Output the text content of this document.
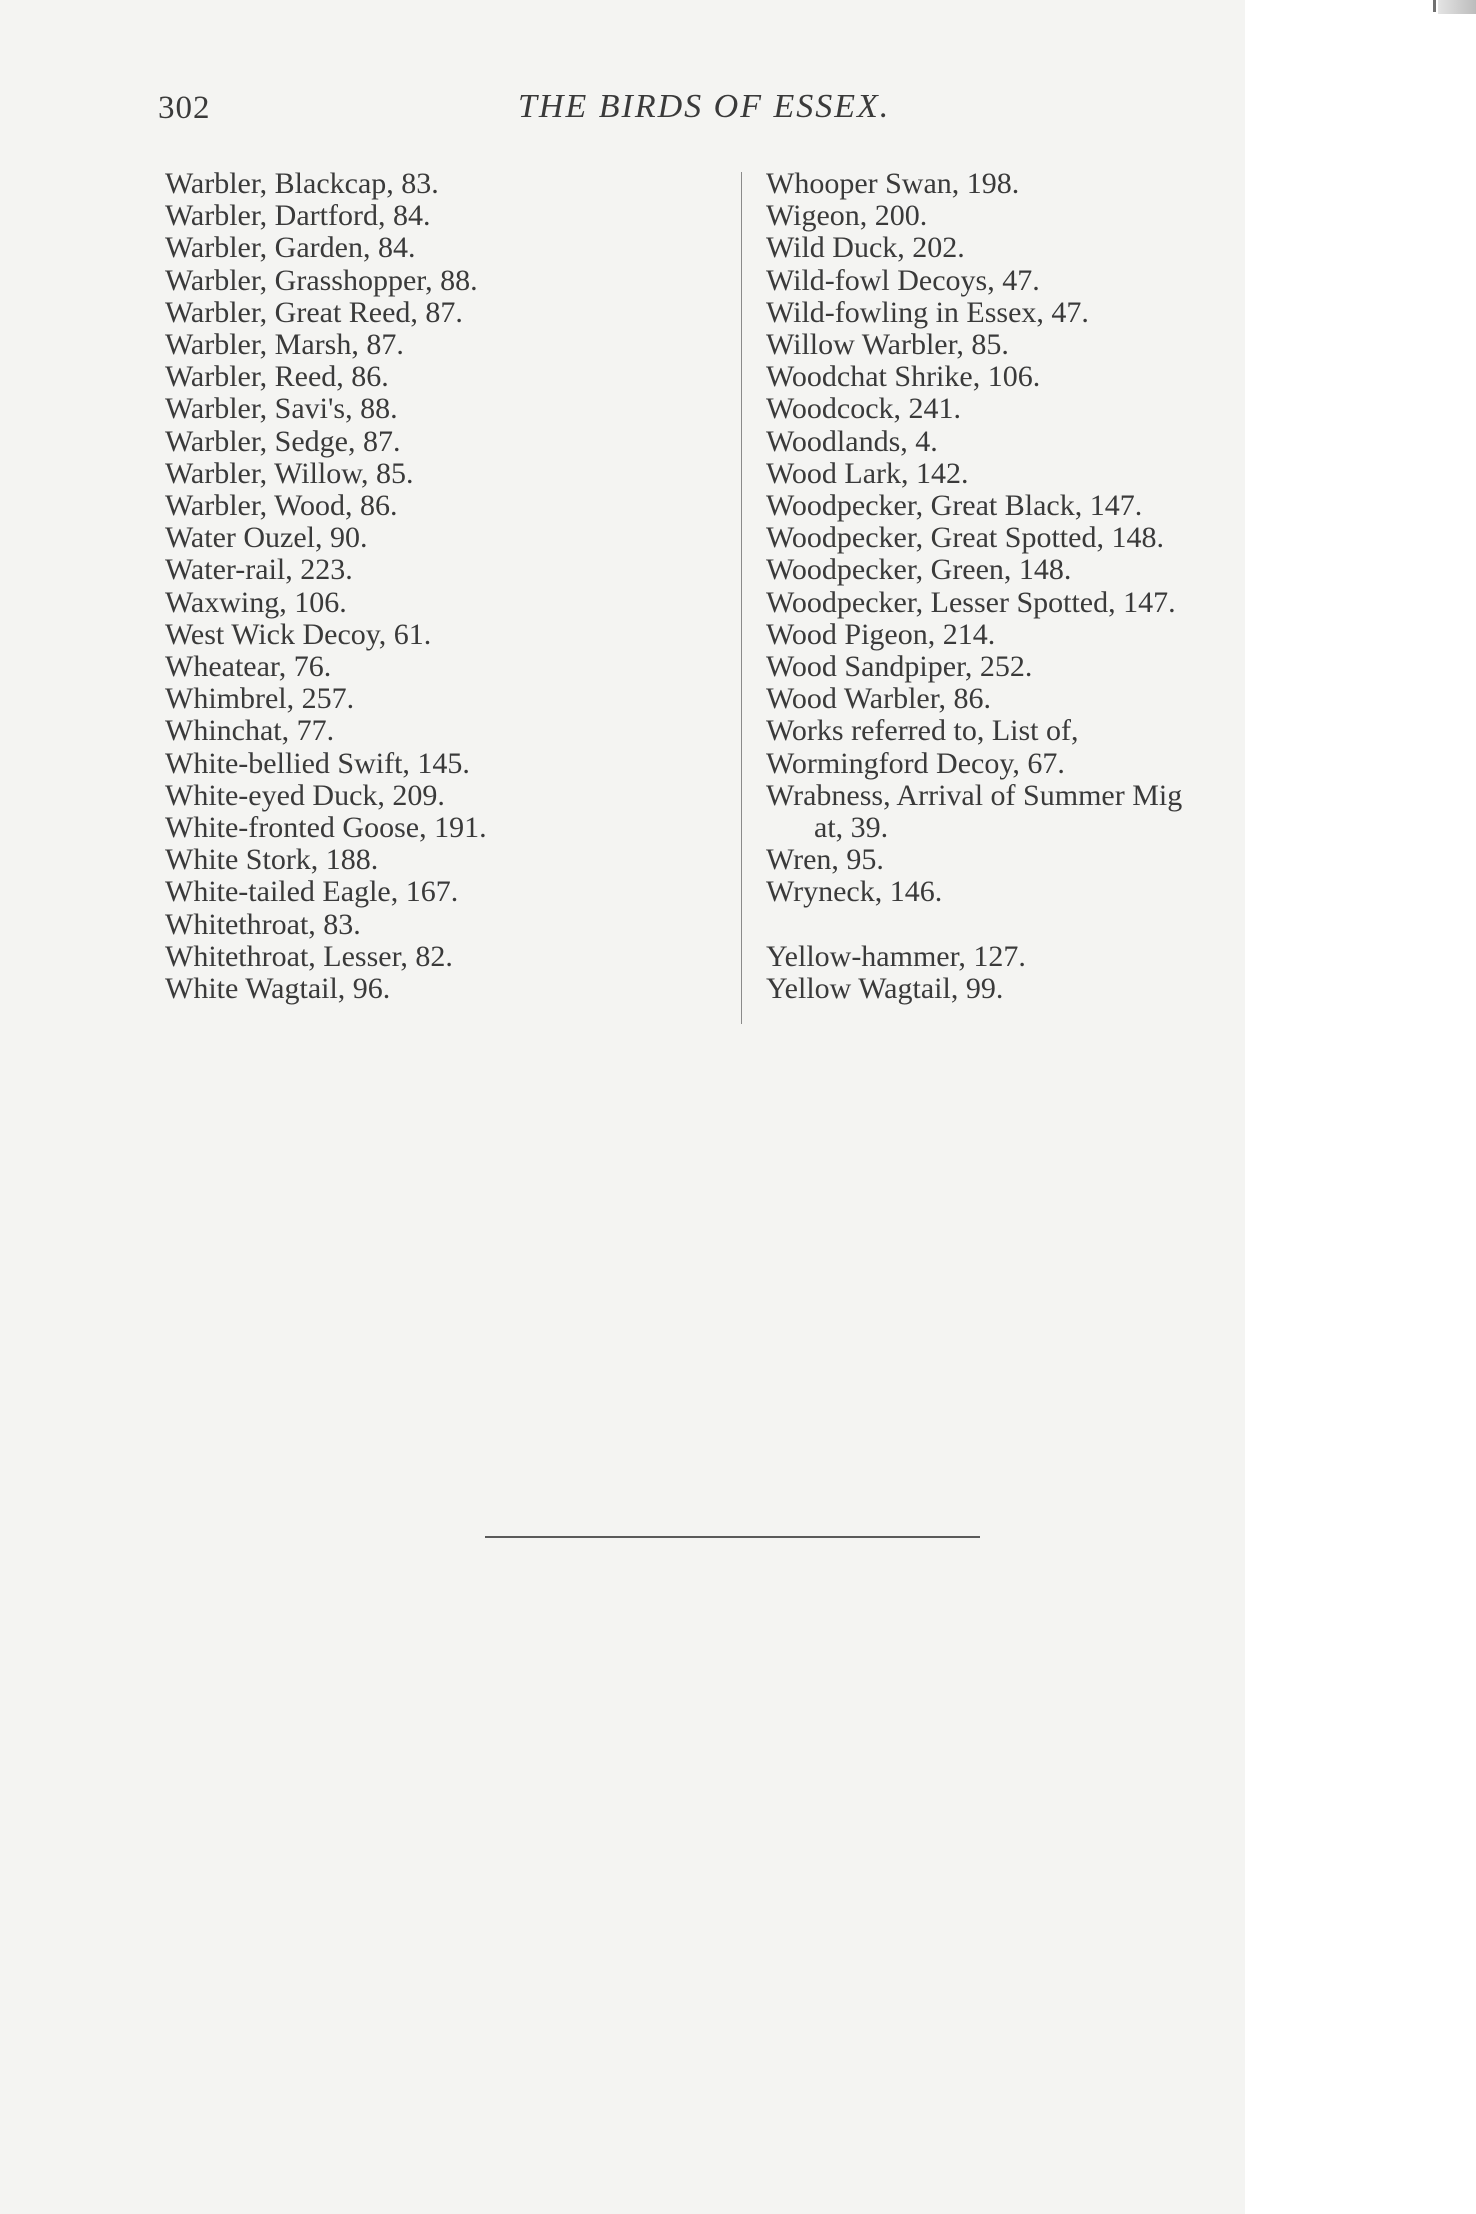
302	THE BIRDS OF ESSEX.
Warbler, Blackcap, 83.
Warbler, Dartford, 84.
Warbler, Garden, 84.
Warbler, Grasshopper, 88.
Warbler, Great Reed, 87.
Warbler, Marsh, 87.
Warbler, Reed, 86.
Warbler, Savi's, 88.
Warbler, Sedge, 87.
Warbler, Willow, 85.
Warbler, Wood, 86.
Water Ouzel, 90.
Water-rail, 223.
Waxwing, 106.
West Wick Decoy, 61.
Wheatear, 76.
Whimbrel, 257.
Whinchat, 77.
White-bellied Swift, 145.
White-eyed Duck, 209.
White-fronted Goose, 191.
White Stork, 188.
White-tailed Eagle, 167.
Whitethroat, 83.
Whitethroat, Lesser, 82.
White Wagtail, 96.
Whooper Swan, 198.
Wigeon, 200.
Wild Duck, 202.
Wild-fowl Decoys, 47.
Wild-fowling in Essex, 47.
Willow Warbler, 85.
Woodchat Shrike, 106.
Woodcock, 241.
Woodlands, 4.
Wood Lark, 142.
Woodpecker, Great Black, 147.
Woodpecker, Great Spotted, 148.
Woodpecker, Green, 148.
Woodpecker, Lesser Spotted, 147.
Wood Pigeon, 214.
Wood Sandpiper, 252.
Wood Warbler, 86.
Works referred to, List of,
Wormingford Decoy, 67.
Wrabness, Arrival of Summer Mig
at, 39.
Wren, 95.
Wryneck, 146.
Yellow-hammer, 127.
Yellow Wagtail, 99.
